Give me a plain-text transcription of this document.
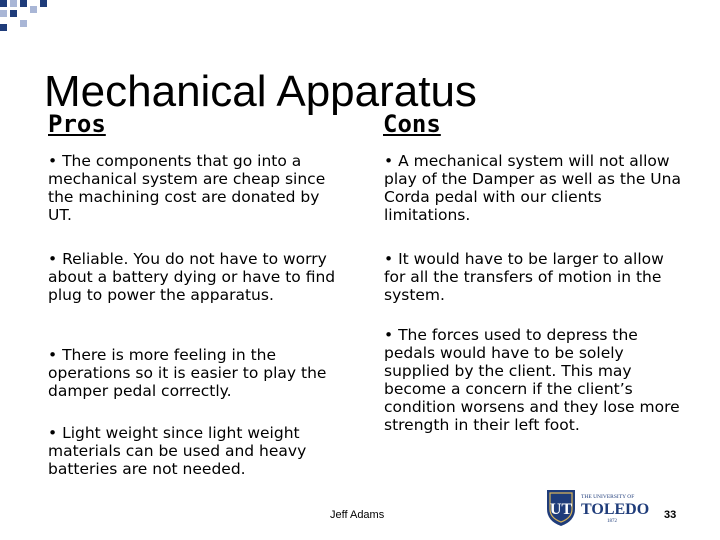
Mechanical Apparatus
Pros	Cons
• The components that go into a mechanical system are cheap since the machining cost are donated by UT.
• Reliable. You do not have to worry about a battery dying or have to find plug to power the apparatus.
• There is more feeling in the operations so it is easier to play the damper pedal correctly.
• Light weight since light weight materials can be used and heavy batteries are not needed.
• A mechanical system will not allow play of the Damper as well as the Una Corda pedal with our clients limitations.
• It would have to be larger to allow for all the transfers of motion in the system.
• The forces used to depress the pedals would have to be solely supplied by the client. This may become a concern if the client’s condition worsens and they lose more strength in their left foot.
Jeff Adams	UT
THE UNIVERSITY OF
TOLEDO
1872
33
